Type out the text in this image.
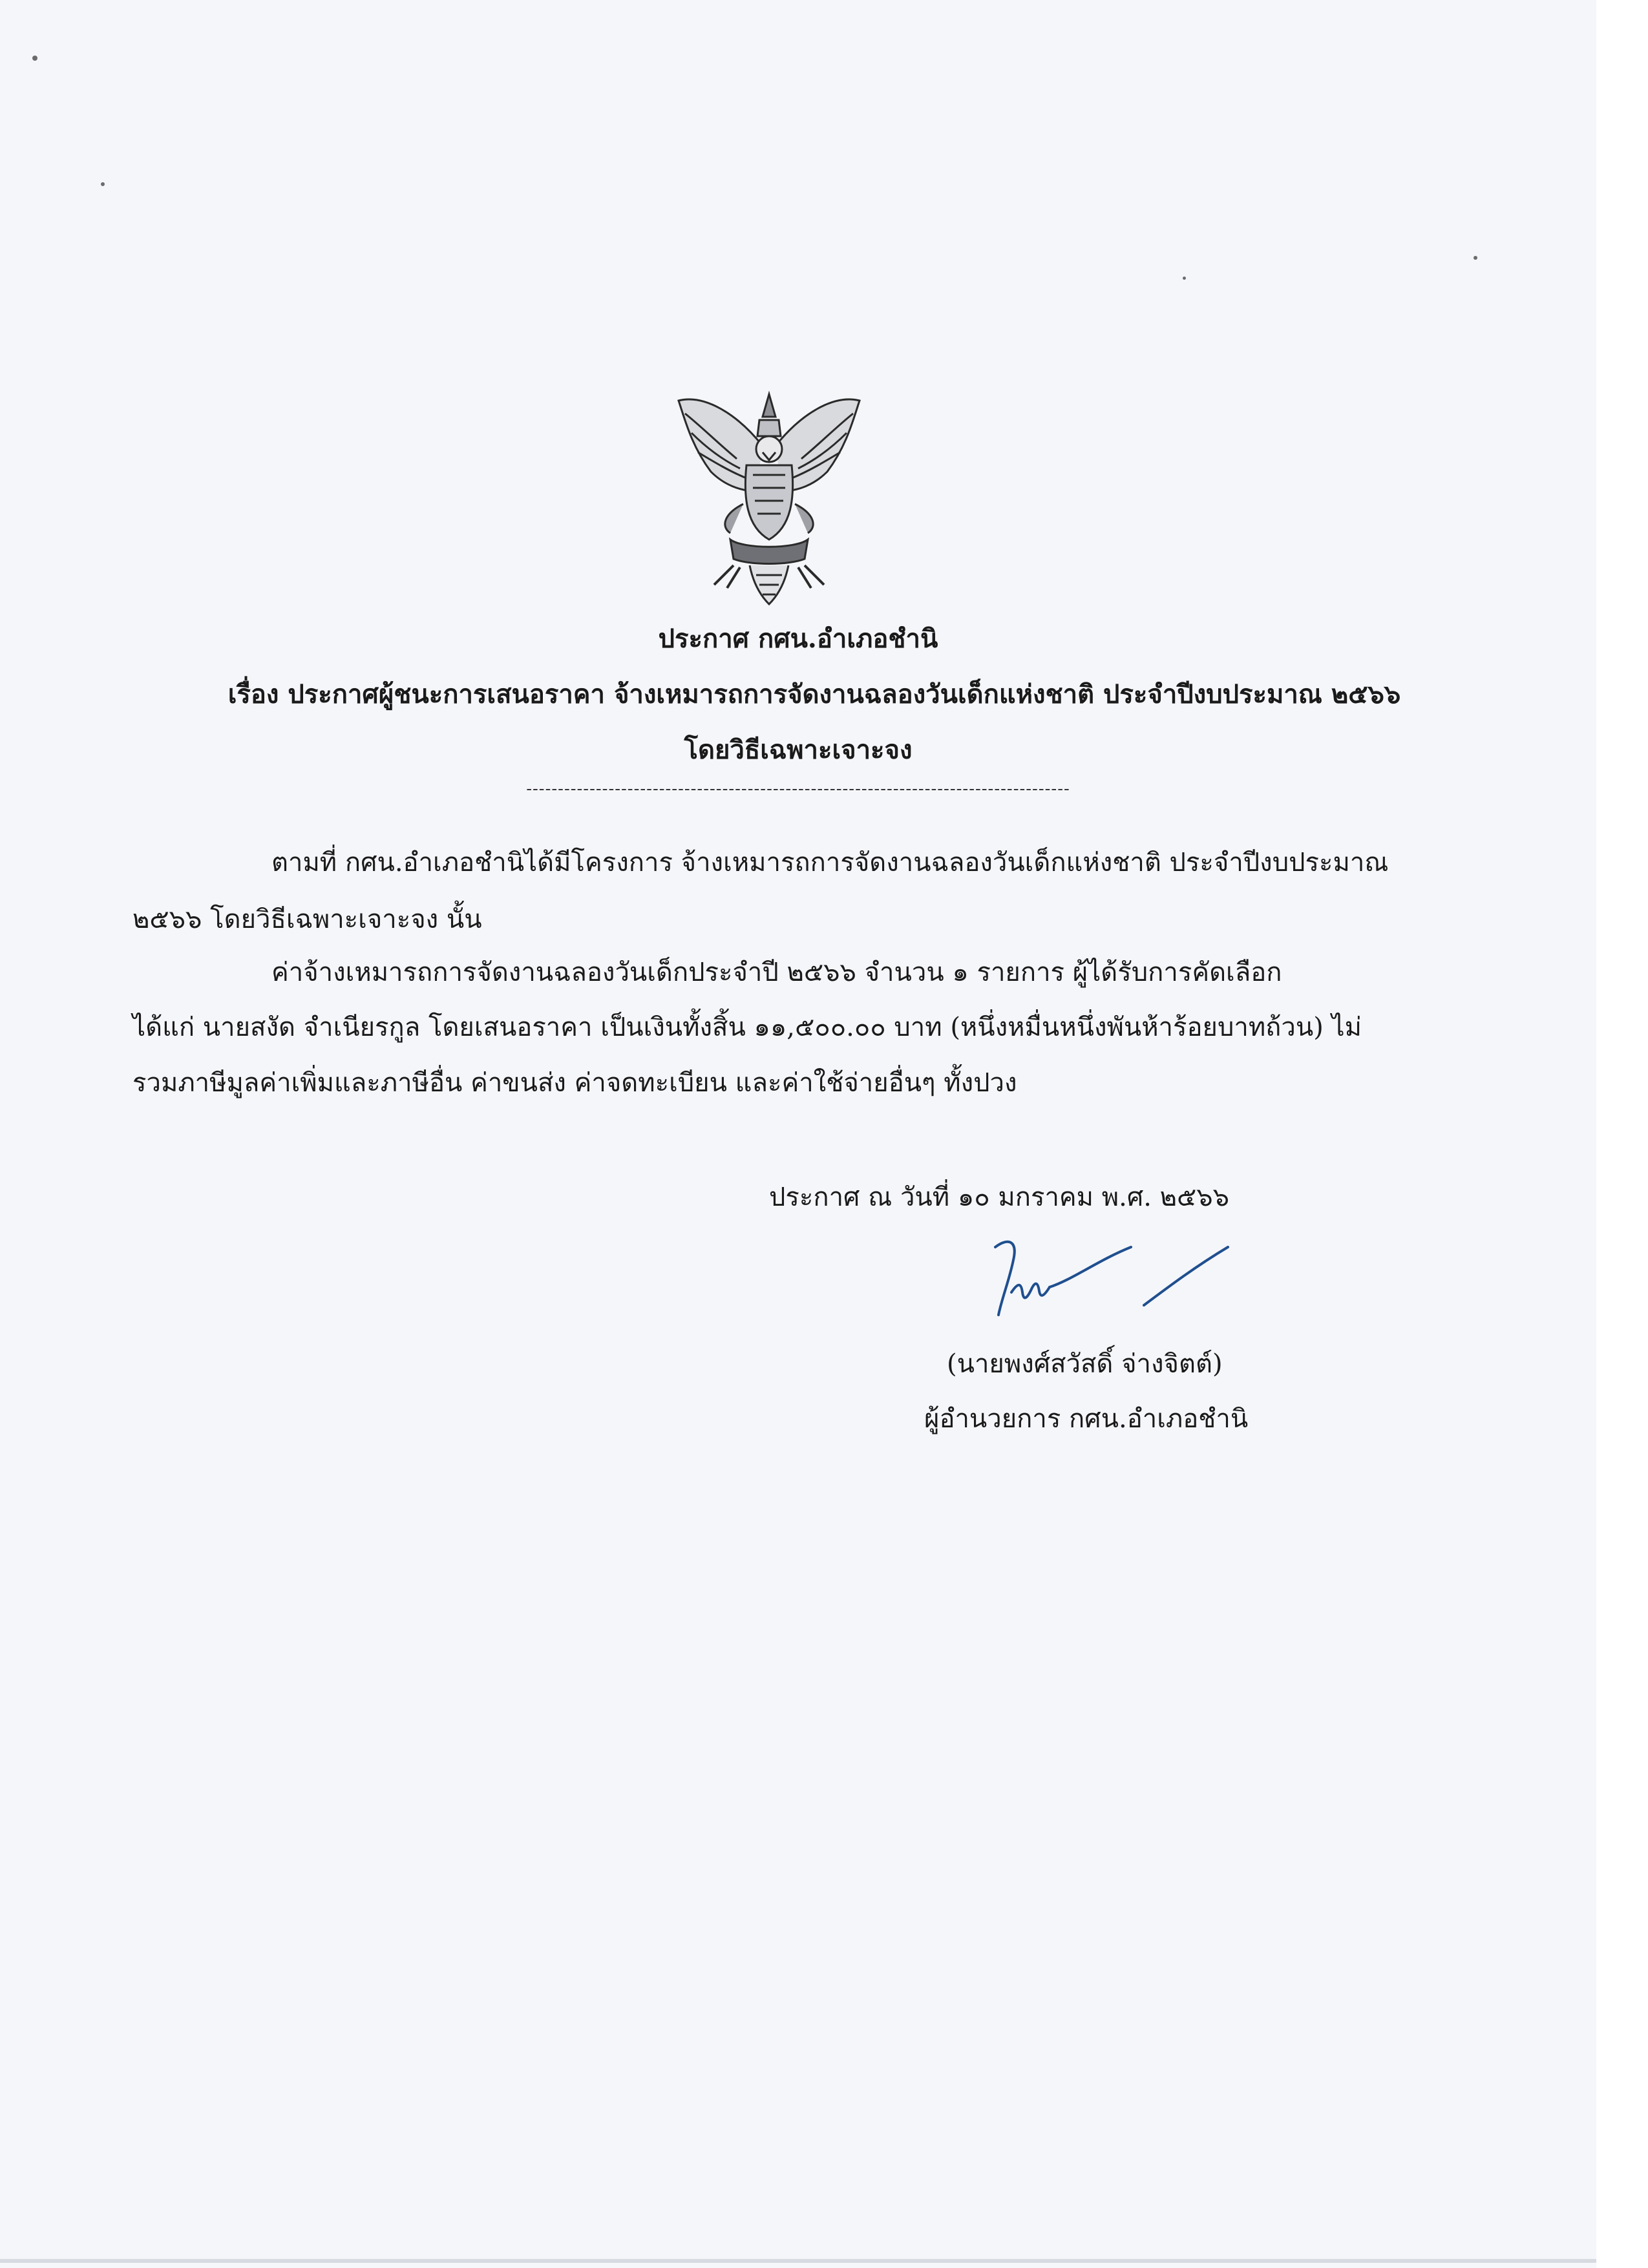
ประกาศ กศน.อำเภอชำนิ
เรื่อง ประกาศผู้ชนะการเสนอราคา จ้างเหมารถการจัดงานฉลองวันเด็กแห่งชาติ ประจำปีงบประมาณ ๒๕๖๖
โดยวิธีเฉพาะเจาะจง
--------------------------------------------------------------------------------------
ตามที่ กศน.อำเภอชำนิได้มีโครงการ จ้างเหมารถการจัดงานฉลองวันเด็กแห่งชาติ ประจำปีงบประมาณ
๒๕๖๖ โดยวิธีเฉพาะเจาะจง นั้น
ค่าจ้างเหมารถการจัดงานฉลองวันเด็กประจำปี ๒๕๖๖ จำนวน ๑ รายการ ผู้ได้รับการคัดเลือก
ได้แก่ นายสงัด จำเนียรกูล โดยเสนอราคา เป็นเงินทั้งสิ้น ๑๑,๕๐๐.๐๐ บาท (หนึ่งหมื่นหนึ่งพันห้าร้อยบาทถ้วน) ไม่
รวมภาษีมูลค่าเพิ่มและภาษีอื่น ค่าขนส่ง ค่าจดทะเบียน และค่าใช้จ่ายอื่นๆ ทั้งปวง
ประกาศ ณ วันที่ ๑๐ มกราคม พ.ศ. ๒๕๖๖
(นายพงศ์สวัสดิ์ จ่างจิตต์)
ผู้อำนวยการ กศน.อำเภอชำนิ
